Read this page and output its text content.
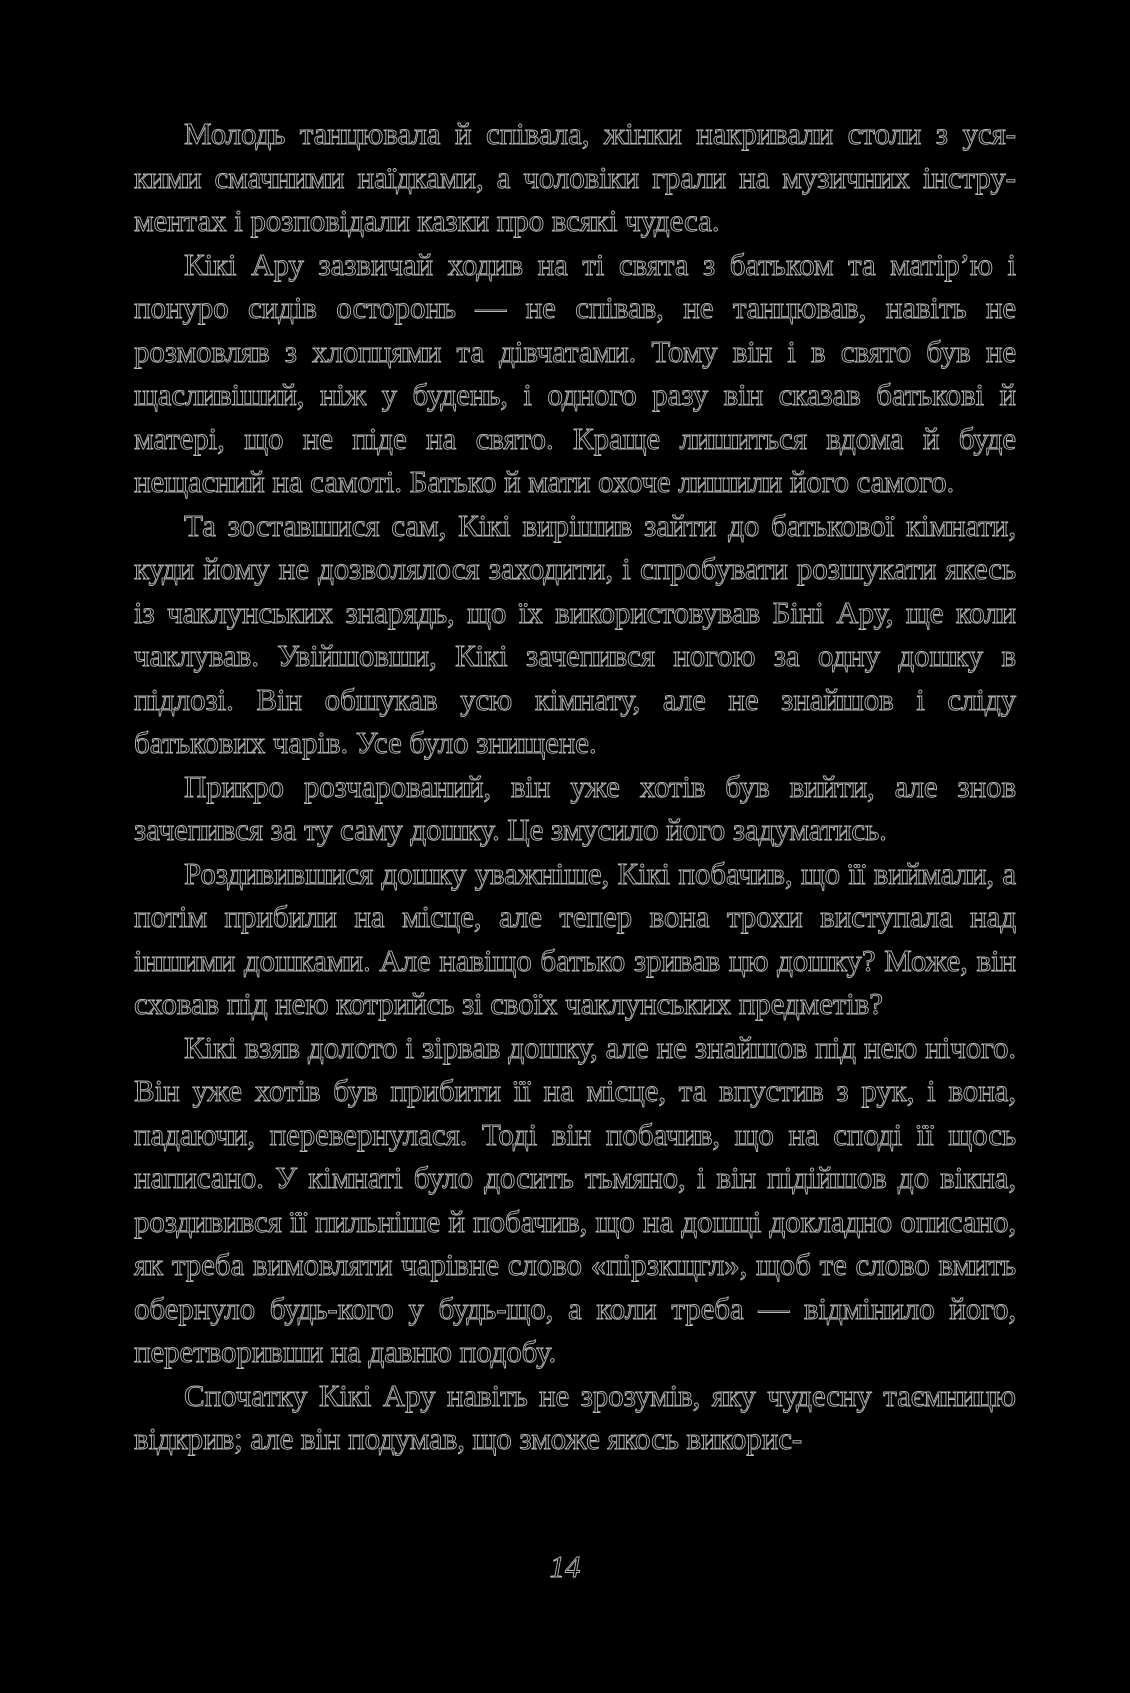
Молодь танцювала й співала, жінки накривали столи з усякими смачними наїдками, а чоловіки грали на музичних інструментах і розповідали казки про всякі чудеса.

Кікі Ару зазвичай ходив на ті свята з батьком та матір’ю і понуро сидів осторонь — не співав, не танцював, навіть не розмовляв з хлопцями та дівчатами. Тому він і в свято був не щасливіший, ніж у будень, і одного разу він сказав батькові й матері, що не піде на свято. Краще лишиться вдома й буде нещасний на самоті. Батько й мати охоче лишили його самого.

Та зоставшися сам, Кікі вирішив зайти до батькової кімнати, куди йому не дозволялося заходити, і спробувати розшукати якесь із чаклунських знарядь, що їх використовував Біні Ару, ще коли чаклував. Увійшовши, Кікі зачепився ногою за одну дошку в підлозі. Він обшукав усю кімнату, але не знайшов і сліду батькових чарів. Усе було знищене.

Прикро розчарований, він уже хотів був вийти, але знов зачепився за ту саму дошку. Це змусило його задуматись.

Роздивившися дошку уважніше, Кікі побачив, що її виймали, а потім прибили на місце, але тепер вона трохи виступала над іншими дошками. Але навіщо батько зривав цю дошку? Може, він сховав під нею котрийсь зі своїх чаклунських предметів?

Кікі взяв долото і зірвав дошку, але не знайшов під нею нічого. Він уже хотів був прибити її на місце, та впустив з рук, і вона, падаючи, перевернулася. Тоді він побачив, що на споді її щось написано. У кімнаті було досить тьмяно, і він підійшов до вікна, роздивився її пильніше й побачив, що на дошці докладно описано, як треба вимовляти чарівне слово «пірзкщгл», щоб те слово вмить обернуло будь-кого у будь-що, а коли треба — відмінило його, перетворивши на давню подобу.

Спочатку Кікі Ару навіть не зрозумів, яку чудесну таємницю відкрив; але він подумав, що зможе якось викорис-

14
